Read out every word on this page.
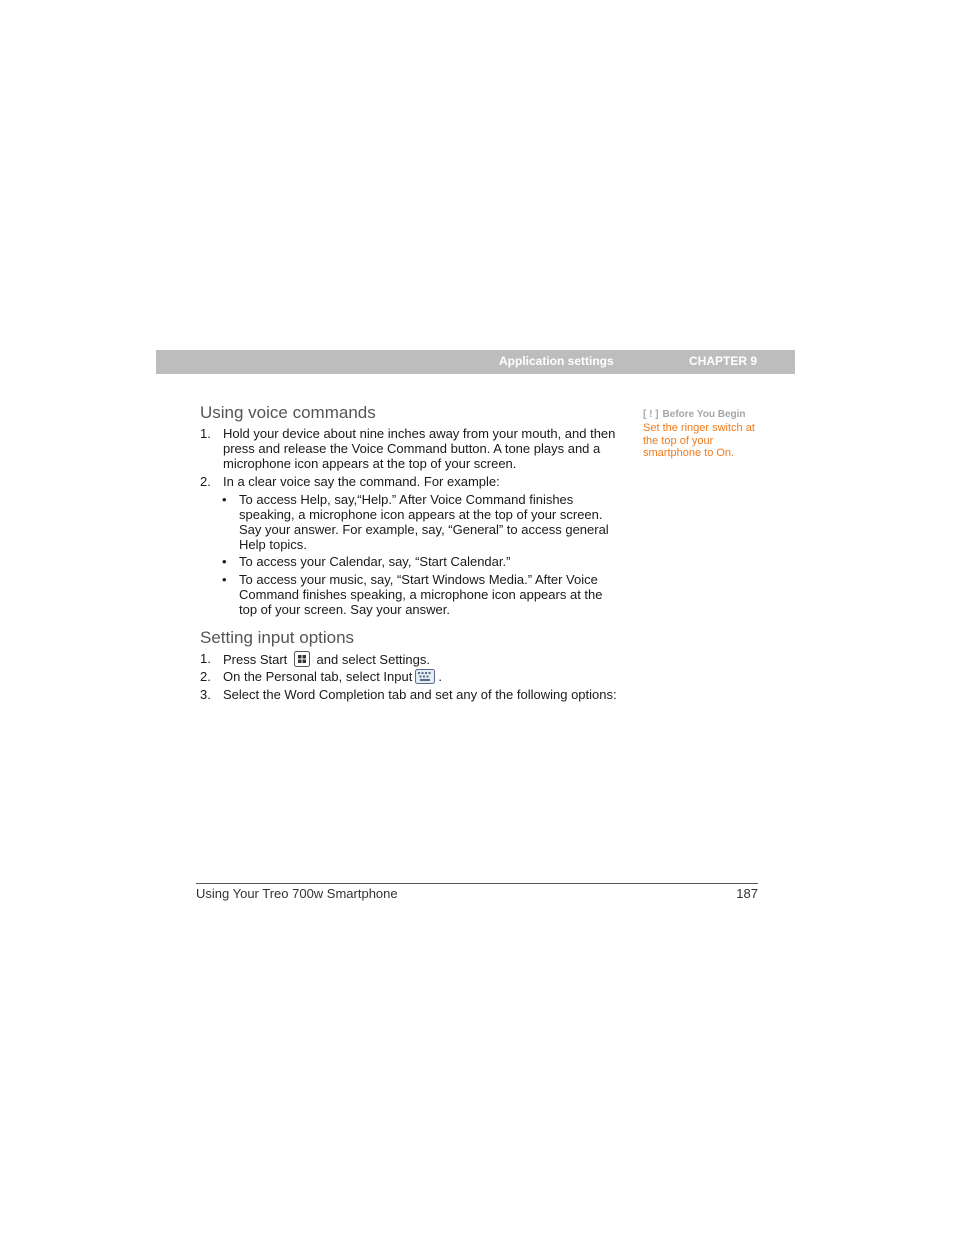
Application settings	CHAPTER 9
Using voice commands
1. Hold your device about nine inches away from your mouth, and then press and release the Voice Command button. A tone plays and a microphone icon appears at the top of your screen.
2. In a clear voice say the command. For example:
• To access Help, say,“Help.” After Voice Command finishes speaking, a microphone icon appears at the top of your screen. Say your answer. For example, say, “General” to access general Help topics.
• To access your Calendar, say, “Start Calendar.”
• To access your music, say, “Start Windows Media.” After Voice Command finishes speaking, a microphone icon appears at the top of your screen. Say your answer.
Setting input options
1. Press Start and select Settings.
2. On the Personal tab, select Input .
3. Select the Word Completion tab and set any of the following options:
[ ! ] Before You Begin
Set the ringer switch at the top of your smartphone to On.
Using Your Treo 700w Smartphone	187
